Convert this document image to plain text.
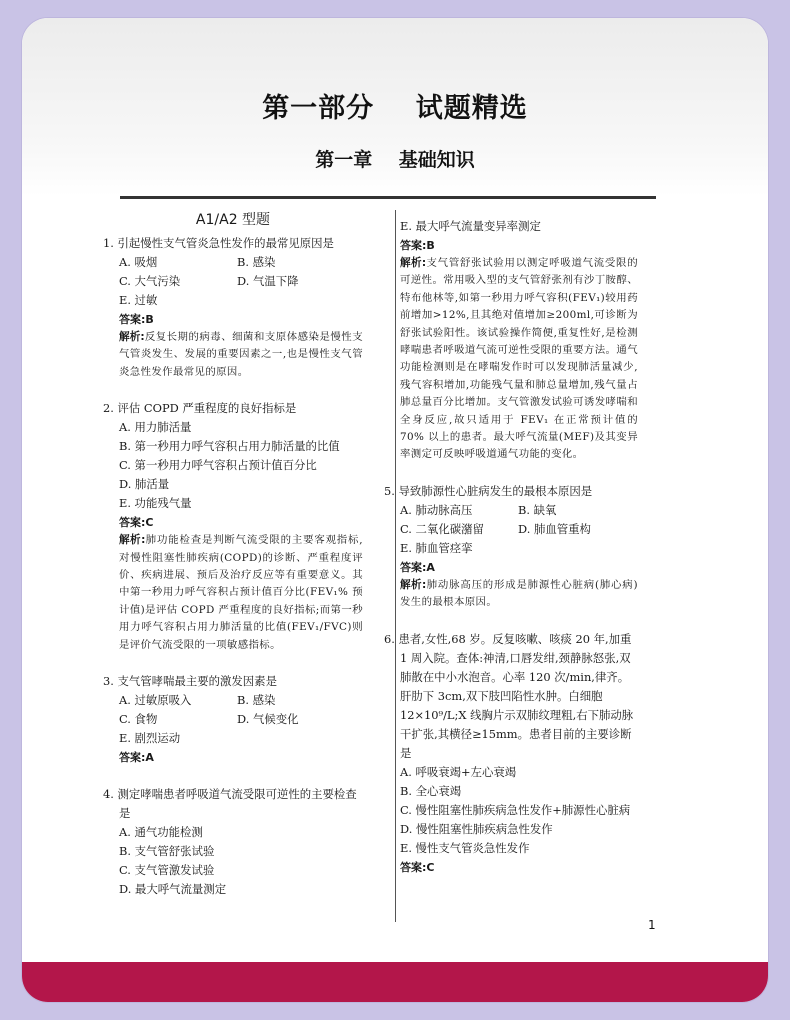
第一部分    试题精选
第一章    基础知识
1
A1/A2 型题
1. 引起慢性支气管炎急性发作的最常见原因是
A. 吸烟	B. 感染
C. 大气污染	D. 气温下降
E. 过敏
答案:B
解析:反复长期的病毒、细菌和支原体感染是慢性支气管炎发生、发展的重要因素之一,也是慢性支气管炎急性发作最常见的原因。
2. 评估 COPD 严重程度的良好指标是
A. 用力肺活量
B. 第一秒用力呼气容积占用力肺活量的比值
C. 第一秒用力呼气容积占预计值百分比
D. 肺活量
E. 功能残气量
答案:C
解析:肺功能检查是判断气流受限的主要客观指标,对慢性阻塞性肺疾病(COPD)的诊断、严重程度评价、疾病进展、预后及治疗反应等有重要意义。其中第一秒用力呼气容积占预计值百分比(FEV₁% 预计值)是评估 COPD 严重程度的良好指标;而第一秒用力呼气容积占用力肺活量的比值(FEV₁/FVC)则是评价气流受限的一项敏感指标。
3. 支气管哮喘最主要的激发因素是
A. 过敏原吸入	B. 感染
C. 食物	D. 气候变化
E. 剧烈运动
答案:A
4. 测定哮喘患者呼吸道气流受限可逆性的主要检查是
A. 通气功能检测
B. 支气管舒张试验
C. 支气管激发试验
D. 最大呼气流量测定
E. 最大呼气流量变异率测定
答案:B
解析:支气管舒张试验用以测定呼吸道气流受限的可逆性。常用吸入型的支气管舒张剂有沙丁胺醇、特布他林等,如第一秒用力呼气容积(FEV₁)较用药前增加>12%,且其绝对值增加≥200ml,可诊断为舒张试验阳性。该试验操作简便,重复性好,是检测哮喘患者呼吸道气流可逆性受限的重要方法。通气功能检测则是在哮喘发作时可以发现肺活量减少,残气容积增加,功能残气量和肺总量增加,残气量占肺总量百分比增加。支气管激发试验可诱发哮喘和全身反应,故只适用于 FEV₁ 在正常预计值的 70% 以上的患者。最大呼气流量(MEF)及其变异率测定可反映呼吸道通气功能的变化。
5. 导致肺源性心脏病发生的最根本原因是
A. 肺动脉高压	B. 缺氧
C. 二氧化碳潴留	D. 肺血管重构
E. 肺血管痉挛
答案:A
解析:肺动脉高压的形成是肺源性心脏病(肺心病)发生的最根本原因。
6. 患者,女性,68 岁。反复咳嗽、咳痰 20 年,加重 1 周入院。查体:神清,口唇发绀,颈静脉怒张,双肺散在中小水泡音。心率 120 次/min,律齐。肝肋下 3cm,双下肢凹陷性水肿。白细胞12×10⁹/L;X 线胸片示双肺纹理粗,右下肺动脉干扩张,其横径≥15mm。患者目前的主要诊断是
A. 呼吸衰竭+左心衰竭
B. 全心衰竭
C. 慢性阻塞性肺疾病急性发作+肺源性心脏病
D. 慢性阻塞性肺疾病急性发作
E. 慢性支气管炎急性发作
答案:C
